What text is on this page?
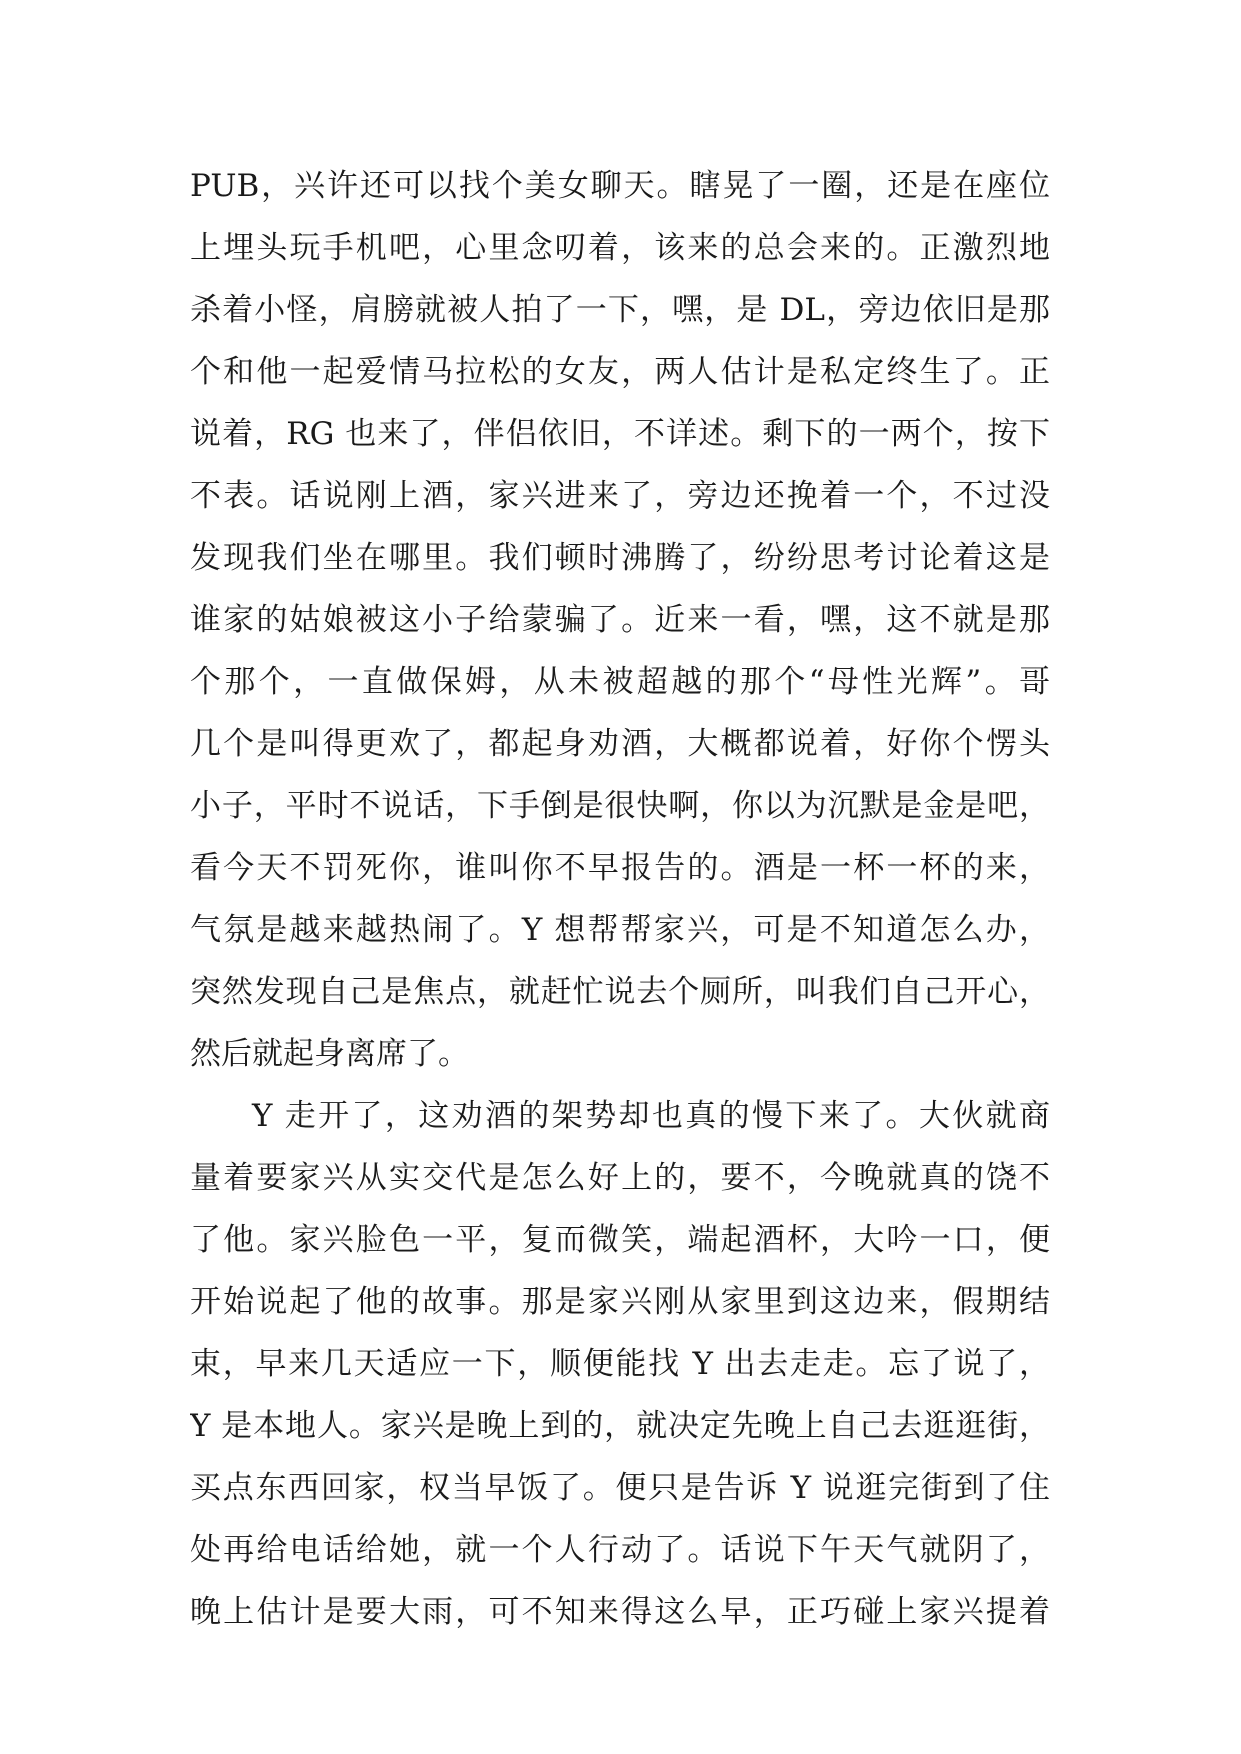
PUB，兴许还可以找个美女聊天。瞎晃了一圈，还是在座位
上埋头玩手机吧，心里念叨着，该来的总会来的。正激烈地
杀着小怪，肩膀就被人拍了一下，嘿，是 DL，旁边依旧是那
个和他一起爱情马拉松的女友，两人估计是私定终生了。正
说着，RG 也来了，伴侣依旧，不详述。剩下的一两个，按下
不表。话说刚上酒，家兴进来了，旁边还挽着一个，不过没
发现我们坐在哪里。我们顿时沸腾了，纷纷思考讨论着这是
谁家的姑娘被这小子给蒙骗了。近来一看，嘿，这不就是那
个那个，一直做保姆，从未被超越的那个“母性光辉”。哥
几个是叫得更欢了，都起身劝酒，大概都说着，好你个愣头
小子，平时不说话，下手倒是很快啊，你以为沉默是金是吧，
看今天不罚死你，谁叫你不早报告的。酒是一杯一杯的来，
气氛是越来越热闹了。Y 想帮帮家兴，可是不知道怎么办，
突然发现自己是焦点，就赶忙说去个厕所，叫我们自己开心，
然后就起身离席了。
Y 走开了，这劝酒的架势却也真的慢下来了。大伙就商
量着要家兴从实交代是怎么好上的，要不，今晚就真的饶不
了他。家兴脸色一平，复而微笑，端起酒杯，大吟一口，便
开始说起了他的故事。那是家兴刚从家里到这边来，假期结
束，早来几天适应一下，顺便能找 Y 出去走走。忘了说了，
Y 是本地人。家兴是晚上到的，就决定先晚上自己去逛逛街，
买点东西回家，权当早饭了。便只是告诉 Y 说逛完街到了住
处再给电话给她，就一个人行动了。话说下午天气就阴了，
晚上估计是要大雨，可不知来得这么早，正巧碰上家兴提着
